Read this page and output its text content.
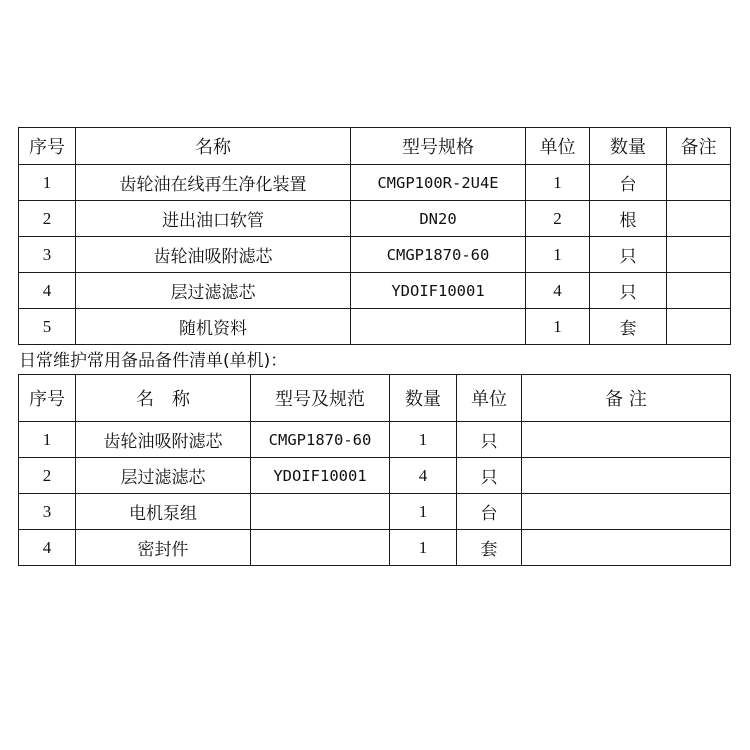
序号	名称	型号规格	单位	数量	备注
1	齿轮油在线再生净化装置	CMGP100R-2U4E	1	台	
2	进出油口软管	DN20	2	根	
3	齿轮油吸附滤芯	CMGP1870-60	1	只	
4	层过滤滤芯	YDOIF10001	4	只	
5	随机资料		1	套	
日常维护常用备品备件清单(单机)：
序号	名　称	型号及规范	数量	单位	备 注
1	齿轮油吸附滤芯	CMGP1870-60	1	只	
2	层过滤滤芯	YDOIF10001	4	只	
3	电机泵组		1	台	
4	密封件		1	套	
